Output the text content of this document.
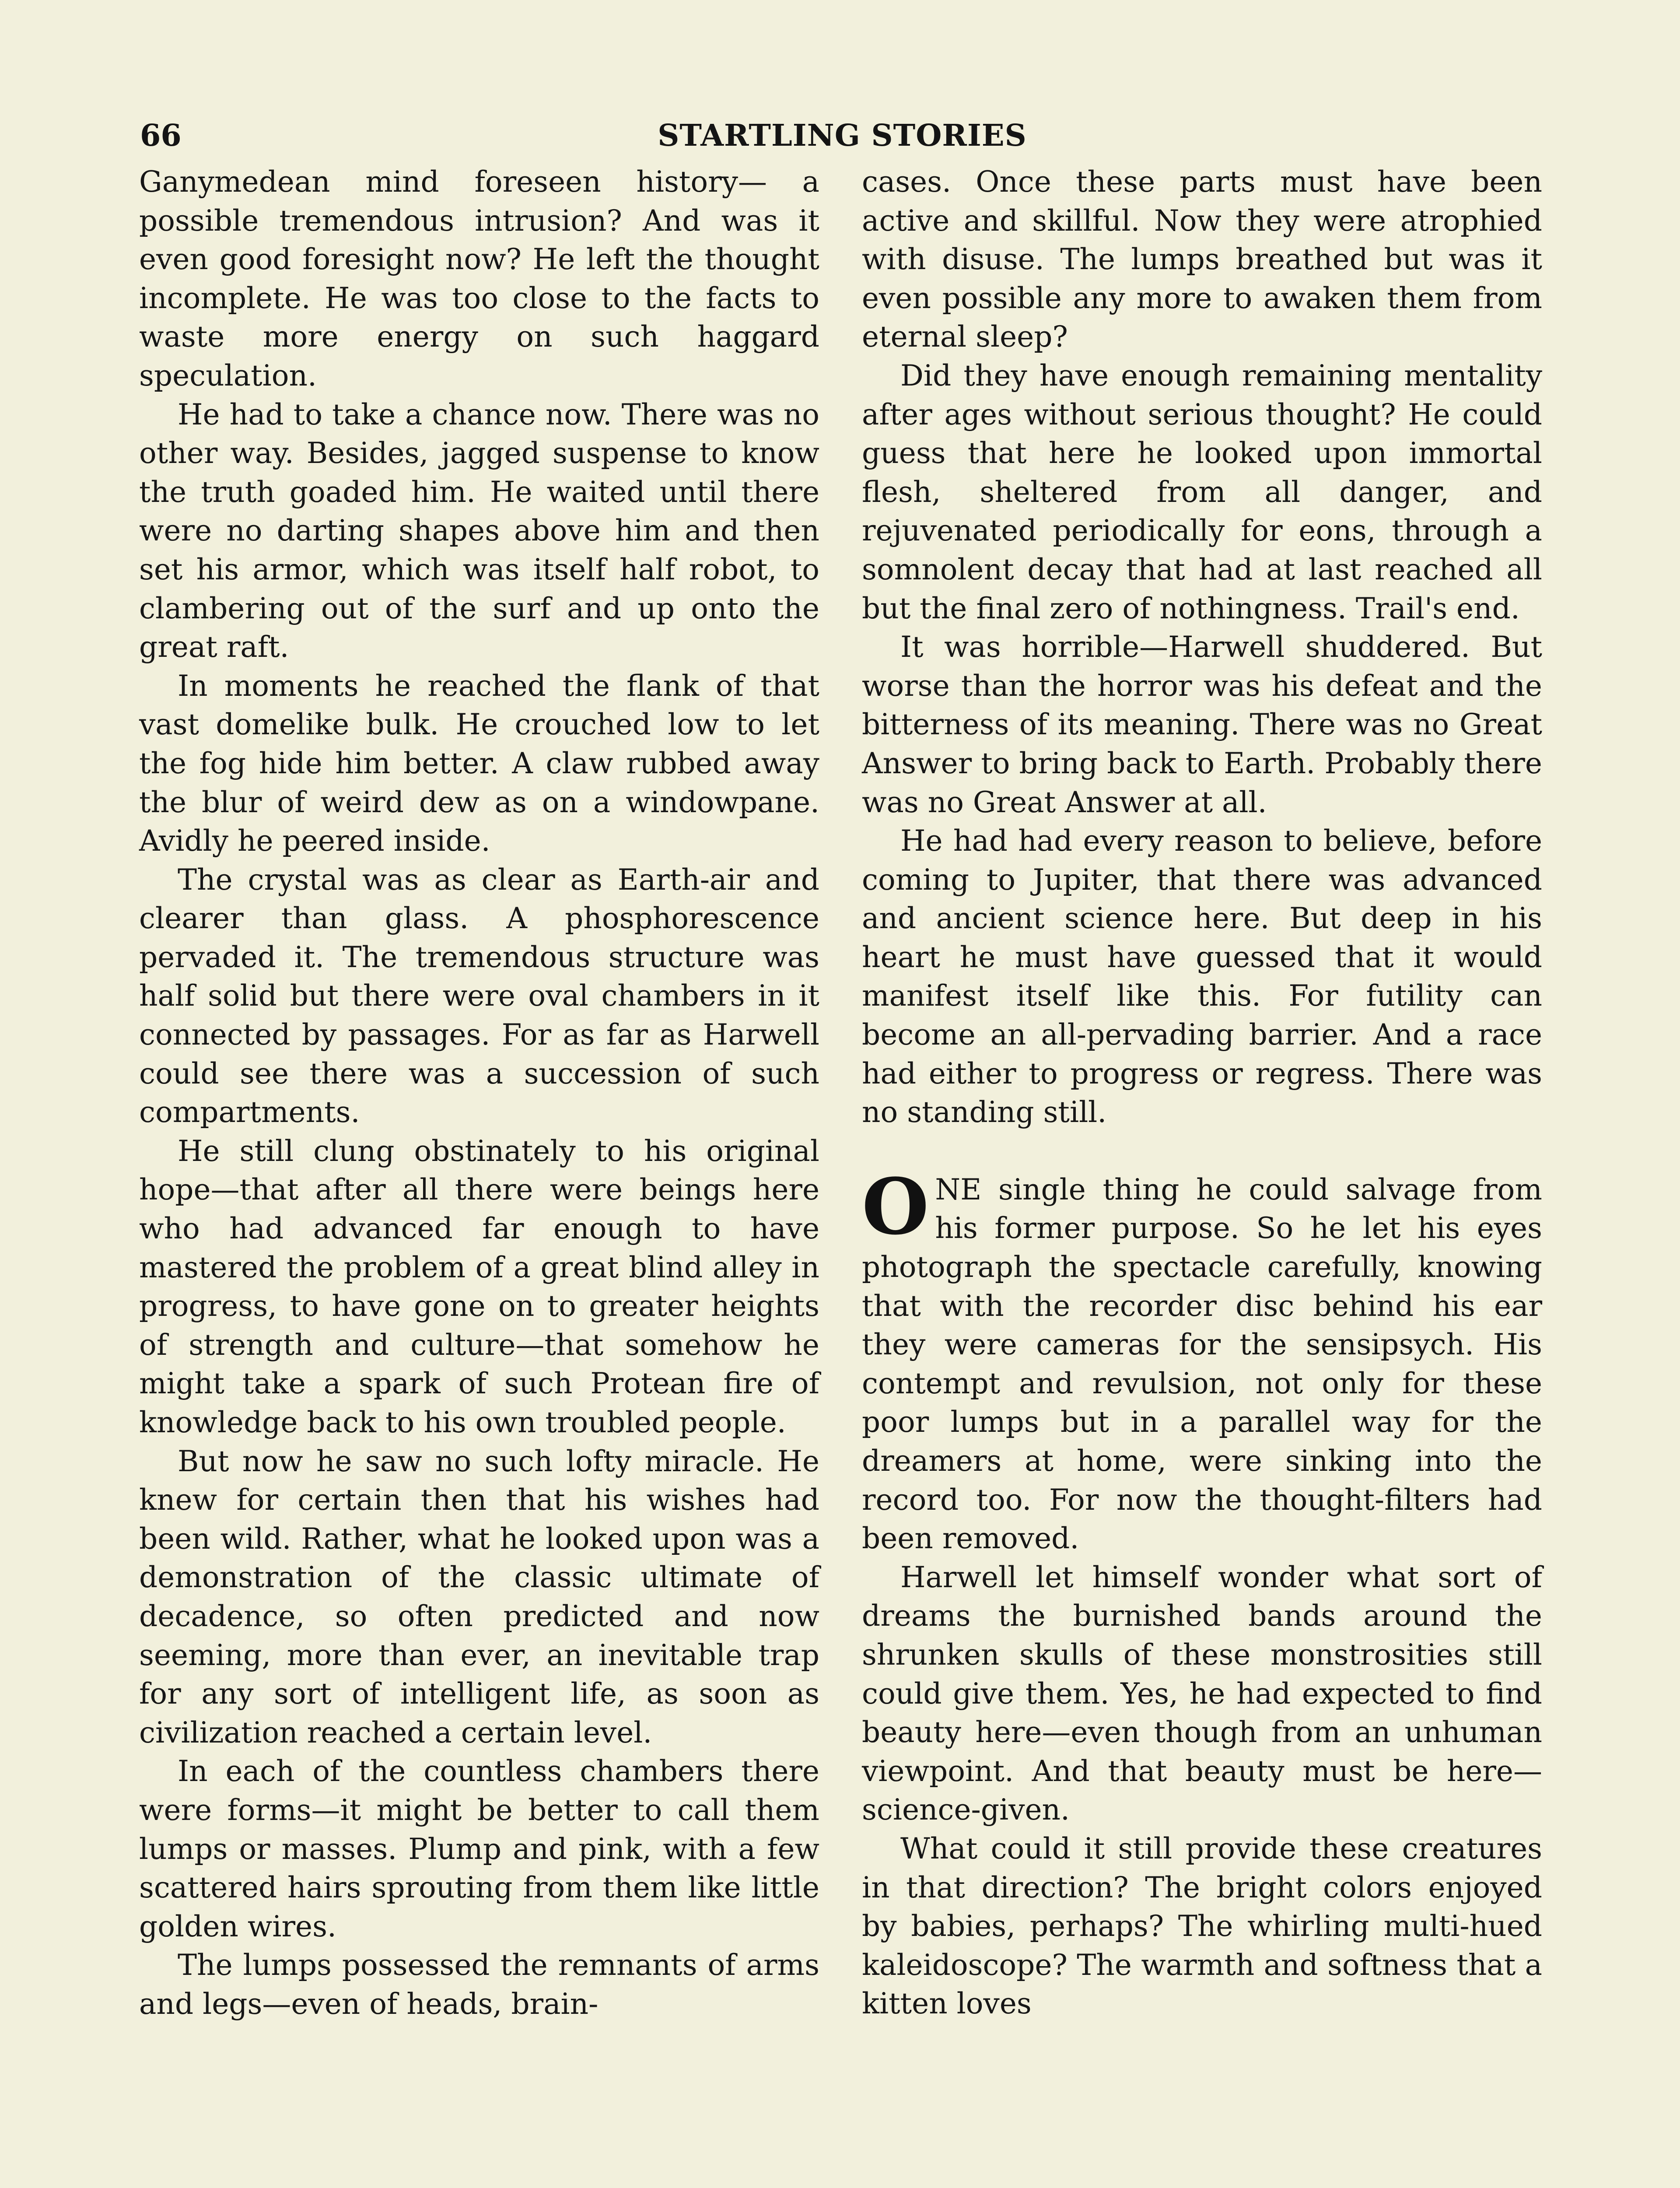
66	STARTLING STORIES

Ganymedean mind foreseen history— a possible tremendous intrusion? And was it even good foresight now? He left the thought incomplete. He was too close to the facts to waste more energy on such haggard speculation.

He had to take a chance now. There was no other way. Besides, jagged suspense to know the truth goaded him. He waited until there were no darting shapes above him and then set his armor, which was itself half robot, to clambering out of the surf and up onto the great raft.

In moments he reached the flank of that vast domelike bulk. He crouched low to let the fog hide him better. A claw rubbed away the blur of weird dew as on a windowpane. Avidly he peered inside.

The crystal was as clear as Earth-air and clearer than glass. A phosphorescence pervaded it. The tremendous structure was half solid but there were oval chambers in it connected by passages. For as far as Harwell could see there was a succession of such compartments.

He still clung obstinately to his original hope—that after all there were beings here who had advanced far enough to have mastered the problem of a great blind alley in progress, to have gone on to greater heights of strength and culture—that somehow he might take a spark of such Protean fire of knowledge back to his own troubled people.

But now he saw no such lofty miracle. He knew for certain then that his wishes had been wild. Rather, what he looked upon was a demonstration of the classic ultimate of decadence, so often predicted and now seeming, more than ever, an inevitable trap for any sort of intelligent life, as soon as civilization reached a certain level.

In each of the countless chambers there were forms—it might be better to call them lumps or masses. Plump and pink, with a few scattered hairs sprouting from them like little golden wires.

The lumps possessed the remnants of arms and legs—even of heads, brain-

cases. Once these parts must have been active and skillful. Now they were atrophied with disuse. The lumps breathed but was it even possible any more to awaken them from eternal sleep?

Did they have enough remaining mentality after ages without serious thought? He could guess that here he looked upon immortal flesh, sheltered from all danger, and rejuvenated periodically for eons, through a somnolent decay that had at last reached all but the final zero of nothingness. Trail's end.

It was horrible—Harwell shuddered. But worse than the horror was his defeat and the bitterness of its meaning. There was no Great Answer to bring back to Earth. Probably there was no Great Answer at all.

He had had every reason to believe, before coming to Jupiter, that there was advanced and ancient science here. But deep in his heart he must have guessed that it would manifest itself like this. For futility can become an all-pervading barrier. And a race had either to progress or regress. There was no standing still.

ONE single thing he could salvage from his former purpose. So he let his eyes photograph the spectacle carefully, knowing that with the recorder disc behind his ear they were cameras for the sensipsych. His contempt and revulsion, not only for these poor lumps but in a parallel way for the dreamers at home, were sinking into the record too. For now the thought-filters had been removed.

Harwell let himself wonder what sort of dreams the burnished bands around the shrunken skulls of these monstrosities still could give them. Yes, he had expected to find beauty here—even though from an unhuman viewpoint. And that beauty must be here—science-given.

What could it still provide these creatures in that direction? The bright colors enjoyed by babies, perhaps? The whirling multi-hued kaleidoscope? The warmth and softness that a kitten loves
